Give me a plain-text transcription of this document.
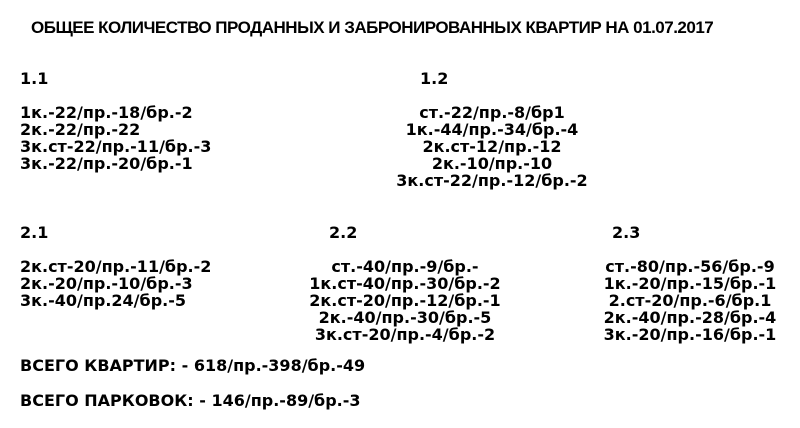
ОБЩЕЕ КОЛИЧЕСТВО ПРОДАННЫХ И ЗАБРОНИРОВАННЫХ КВАРТИР НА 01.07.2017
1.1
1к.-22/пр.-18/бр.-2
2к.-22/пр.-22
3к.ст-22/пр.-11/бр.-3
3к.-22/пр.-20/бр.-1
1.2
ст.-22/пр.-8/бр1
1к.-44/пр.-34/бр.-4
2к.ст-12/пр.-12
2к.-10/пр.-10
3к.ст-22/пр.-12/бр.-2
2.1
2к.ст-20/пр.-11/бр.-2
2к.-20/пр.-10/бр.-3
3к.-40/пр.24/бр.-5
2.2
ст.-40/пр.-9/бр.-
1к.ст-40/пр.-30/бр.-2
2к.ст-20/пр.-12/бр.-1
2к.-40/пр.-30/бр.-5
3к.ст-20/пр.-4/бр.-2
2.3
ст.-80/пр.-56/бр.-9
1к.-20/пр.-15/бр.-1
2.ст-20/пр.-6/бр.1
2к.-40/пр.-28/бр.-4
3к.-20/пр.-16/бр.-1
ВСЕГО КВАРТИР: - 618/пр.-398/бр.-49
ВСЕГО ПАРКОВОК: - 146/пр.-89/бр.-3
